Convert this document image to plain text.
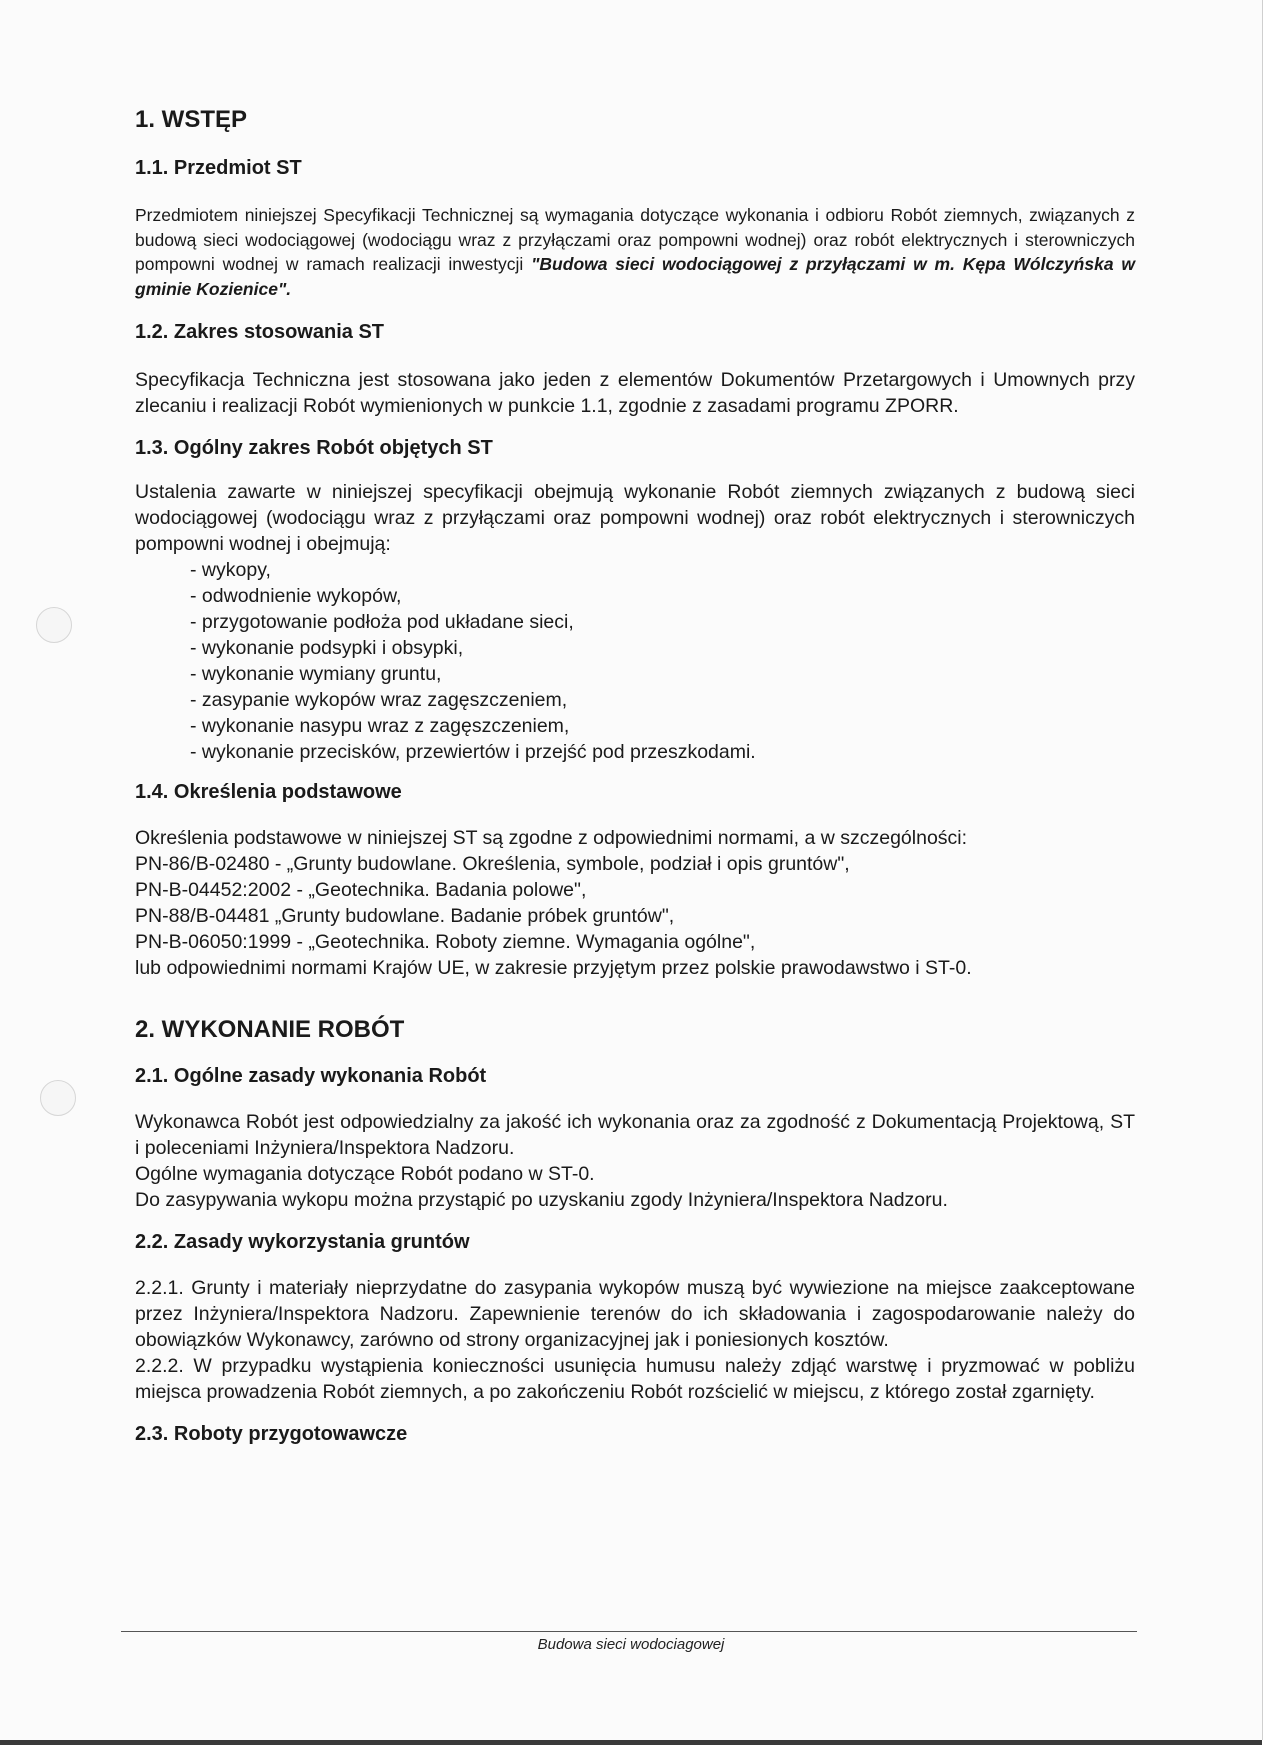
1. WSTĘP
1.1. Przedmiot ST

Przedmiotem niniejszej Specyfikacji Technicznej są wymagania dotyczące wykonania i odbioru Robót ziemnych, związanych z budową sieci wodociągowej (wodociągu wraz z przyłączami oraz pompowni wodnej) oraz robót elektrycznych i sterowniczych pompowni wodnej w ramach realizacji inwestycji "Budowa sieci wodociągowej z przyłączami w m. Kępa Wólczyńska w gminie Kozienice".

1.2. Zakres stosowania ST

Specyfikacja Techniczna jest stosowana jako jeden z elementów Dokumentów Przetargowych i Umownych przy zlecaniu i realizacji Robót wymienionych w punkcie 1.1, zgodnie z zasadami programu ZPORR.

1.3. Ogólny zakres Robót objętych ST

Ustalenia zawarte w niniejszej specyfikacji obejmują wykonanie Robót ziemnych związanych z budową sieci wodociągowej (wodociągu wraz z przyłączami oraz pompowni wodnej) oraz robót elektrycznych i sterowniczych pompowni wodnej i obejmują:

- wykopy,
- odwodnienie wykopów,
- przygotowanie podłoża pod układane sieci,
- wykonanie podsypki i obsypki,
- wykonanie wymiany gruntu,
- zasypanie wykopów wraz zagęszczeniem,
- wykonanie nasypu wraz z zagęszczeniem,
- wykonanie przecisków, przewiertów i przejść pod przeszkodami.
1.4. Określenia podstawowe

Określenia podstawowe w niniejszej ST są zgodne z odpowiednimi normami, a w szczególności:

PN-86/B-02480 - „Grunty budowlane. Określenia, symbole, podział i opis gruntów",

PN-B-04452:2002 - „Geotechnika. Badania polowe",

PN-88/B-04481 „Grunty budowlane. Badanie próbek gruntów",

PN-B-06050:1999 - „Geotechnika. Roboty ziemne. Wymagania ogólne",

lub odpowiednimi normami Krajów UE, w zakresie przyjętym przez polskie prawodawstwo i ST-0.

2. WYKONANIE ROBÓT
2.1. Ogólne zasady wykonania Robót

Wykonawca Robót jest odpowiedzialny za jakość ich wykonania oraz za zgodność z Dokumentacją Projektową, ST i poleceniami Inżyniera/Inspektora Nadzoru.

Ogólne wymagania dotyczące Robót podano w ST-0.

Do zasypywania wykopu można przystąpić po uzyskaniu zgody Inżyniera/Inspektora Nadzoru.

2.2. Zasady wykorzystania gruntów

2.2.1. Grunty i materiały nieprzydatne do zasypania wykopów muszą być wywiezione na miejsce zaakceptowane przez Inżyniera/Inspektora Nadzoru. Zapewnienie terenów do ich składowania i zagospodarowanie należy do obowiązków Wykonawcy, zarówno od strony organizacyjnej jak i poniesionych kosztów.

2.2.2. W przypadku wystąpienia konieczności usunięcia humusu należy zdjąć warstwę i pryzmować w pobliżu miejsca prowadzenia Robót ziemnych, a po zakończeniu Robót rozścielić w miejscu, z którego został zgarnięty.

2.3. Roboty przygotowawcze
Budowa sieci wodociagowej
